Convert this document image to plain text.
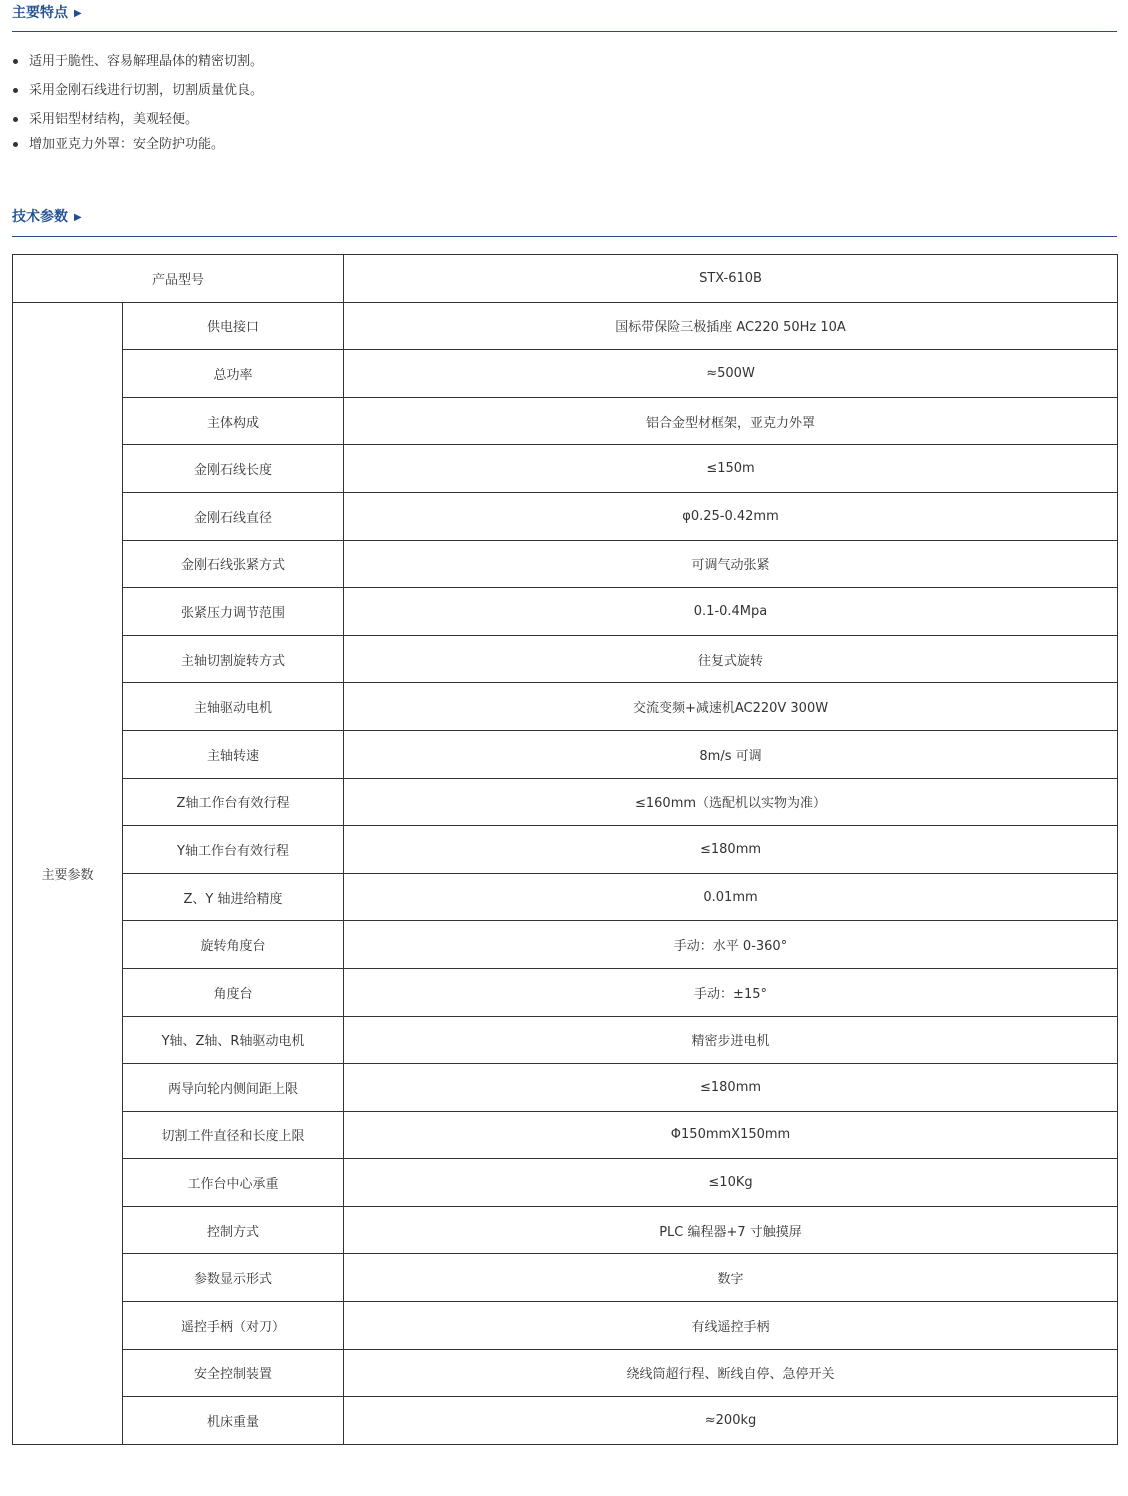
主要特点 ▶
适用于脆性、容易解理晶体的精密切割。
采用金刚石线进行切割，切割质量优良。
采用铝型材结构，美观轻便。
增加亚克力外罩：安全防护功能。
技术参数 ▶
产品型号		STX-610B
主要参数	供电接口	国标带保险三极插座 AC220 50Hz 10A
	总功率	≈500W
	主体构成	铝合金型材框架，亚克力外罩
	金刚石线长度	≤150m
	金刚石线直径	φ0.25-0.42mm
	金刚石线张紧方式	可调气动张紧
	张紧压力调节范围	0.1-0.4Mpa
	主轴切割旋转方式	往复式旋转
	主轴驱动电机	交流变频+减速机AC220V 300W
	主轴转速	8m/s 可调
	Z轴工作台有效行程	≤160mm（选配机以实物为准）
	Y轴工作台有效行程	≤180mm
	Z、Y 轴进给精度	0.01mm
	旋转角度台	手动：水平 0-360°
	角度台	手动：±15°
	Y轴、Z轴、R轴驱动电机	精密步进电机
	两导向轮内侧间距上限	≤180mm
	切割工件直径和长度上限	Φ150mmX150mm
	工作台中心承重	≤10Kg
	控制方式	PLC 编程器+7 寸触摸屏
	参数显示形式	数字
	遥控手柄（对刀）	有线遥控手柄
	安全控制装置	绕线筒超行程、断线自停、急停开关
	机床重量	≈200kg
